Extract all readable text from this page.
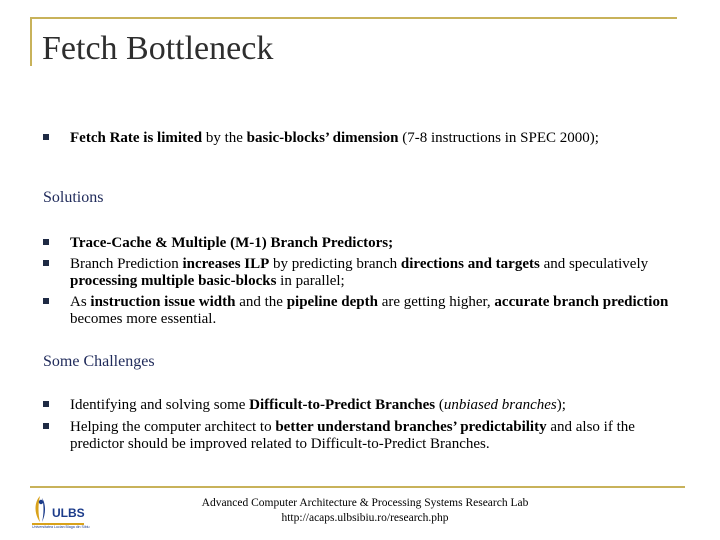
Fetch Bottleneck
Fetch Rate is limited by the basic-blocks’ dimension (7-8 instructions in SPEC 2000);
Solutions
Trace-Cache & Multiple (M-1) Branch Predictors;
Branch Prediction increases ILP by predicting branch directions and targets and speculatively processing multiple basic-blocks in parallel;
As instruction issue width and the pipeline depth are getting higher, accurate branch prediction becomes more essential.
Some Challenges
Identifying and solving some Difficult-to-Predict Branches (unbiased branches);
Helping the computer architect to better understand branches’ predictability and also if the predictor should be improved related to Difficult-to-Predict Branches.
ULBS
Universitatea Lucian Blaga din Sibiu
Advanced Computer Architecture & Processing Systems Research Lab
http://acaps.ulbsibiu.ro/research.php
